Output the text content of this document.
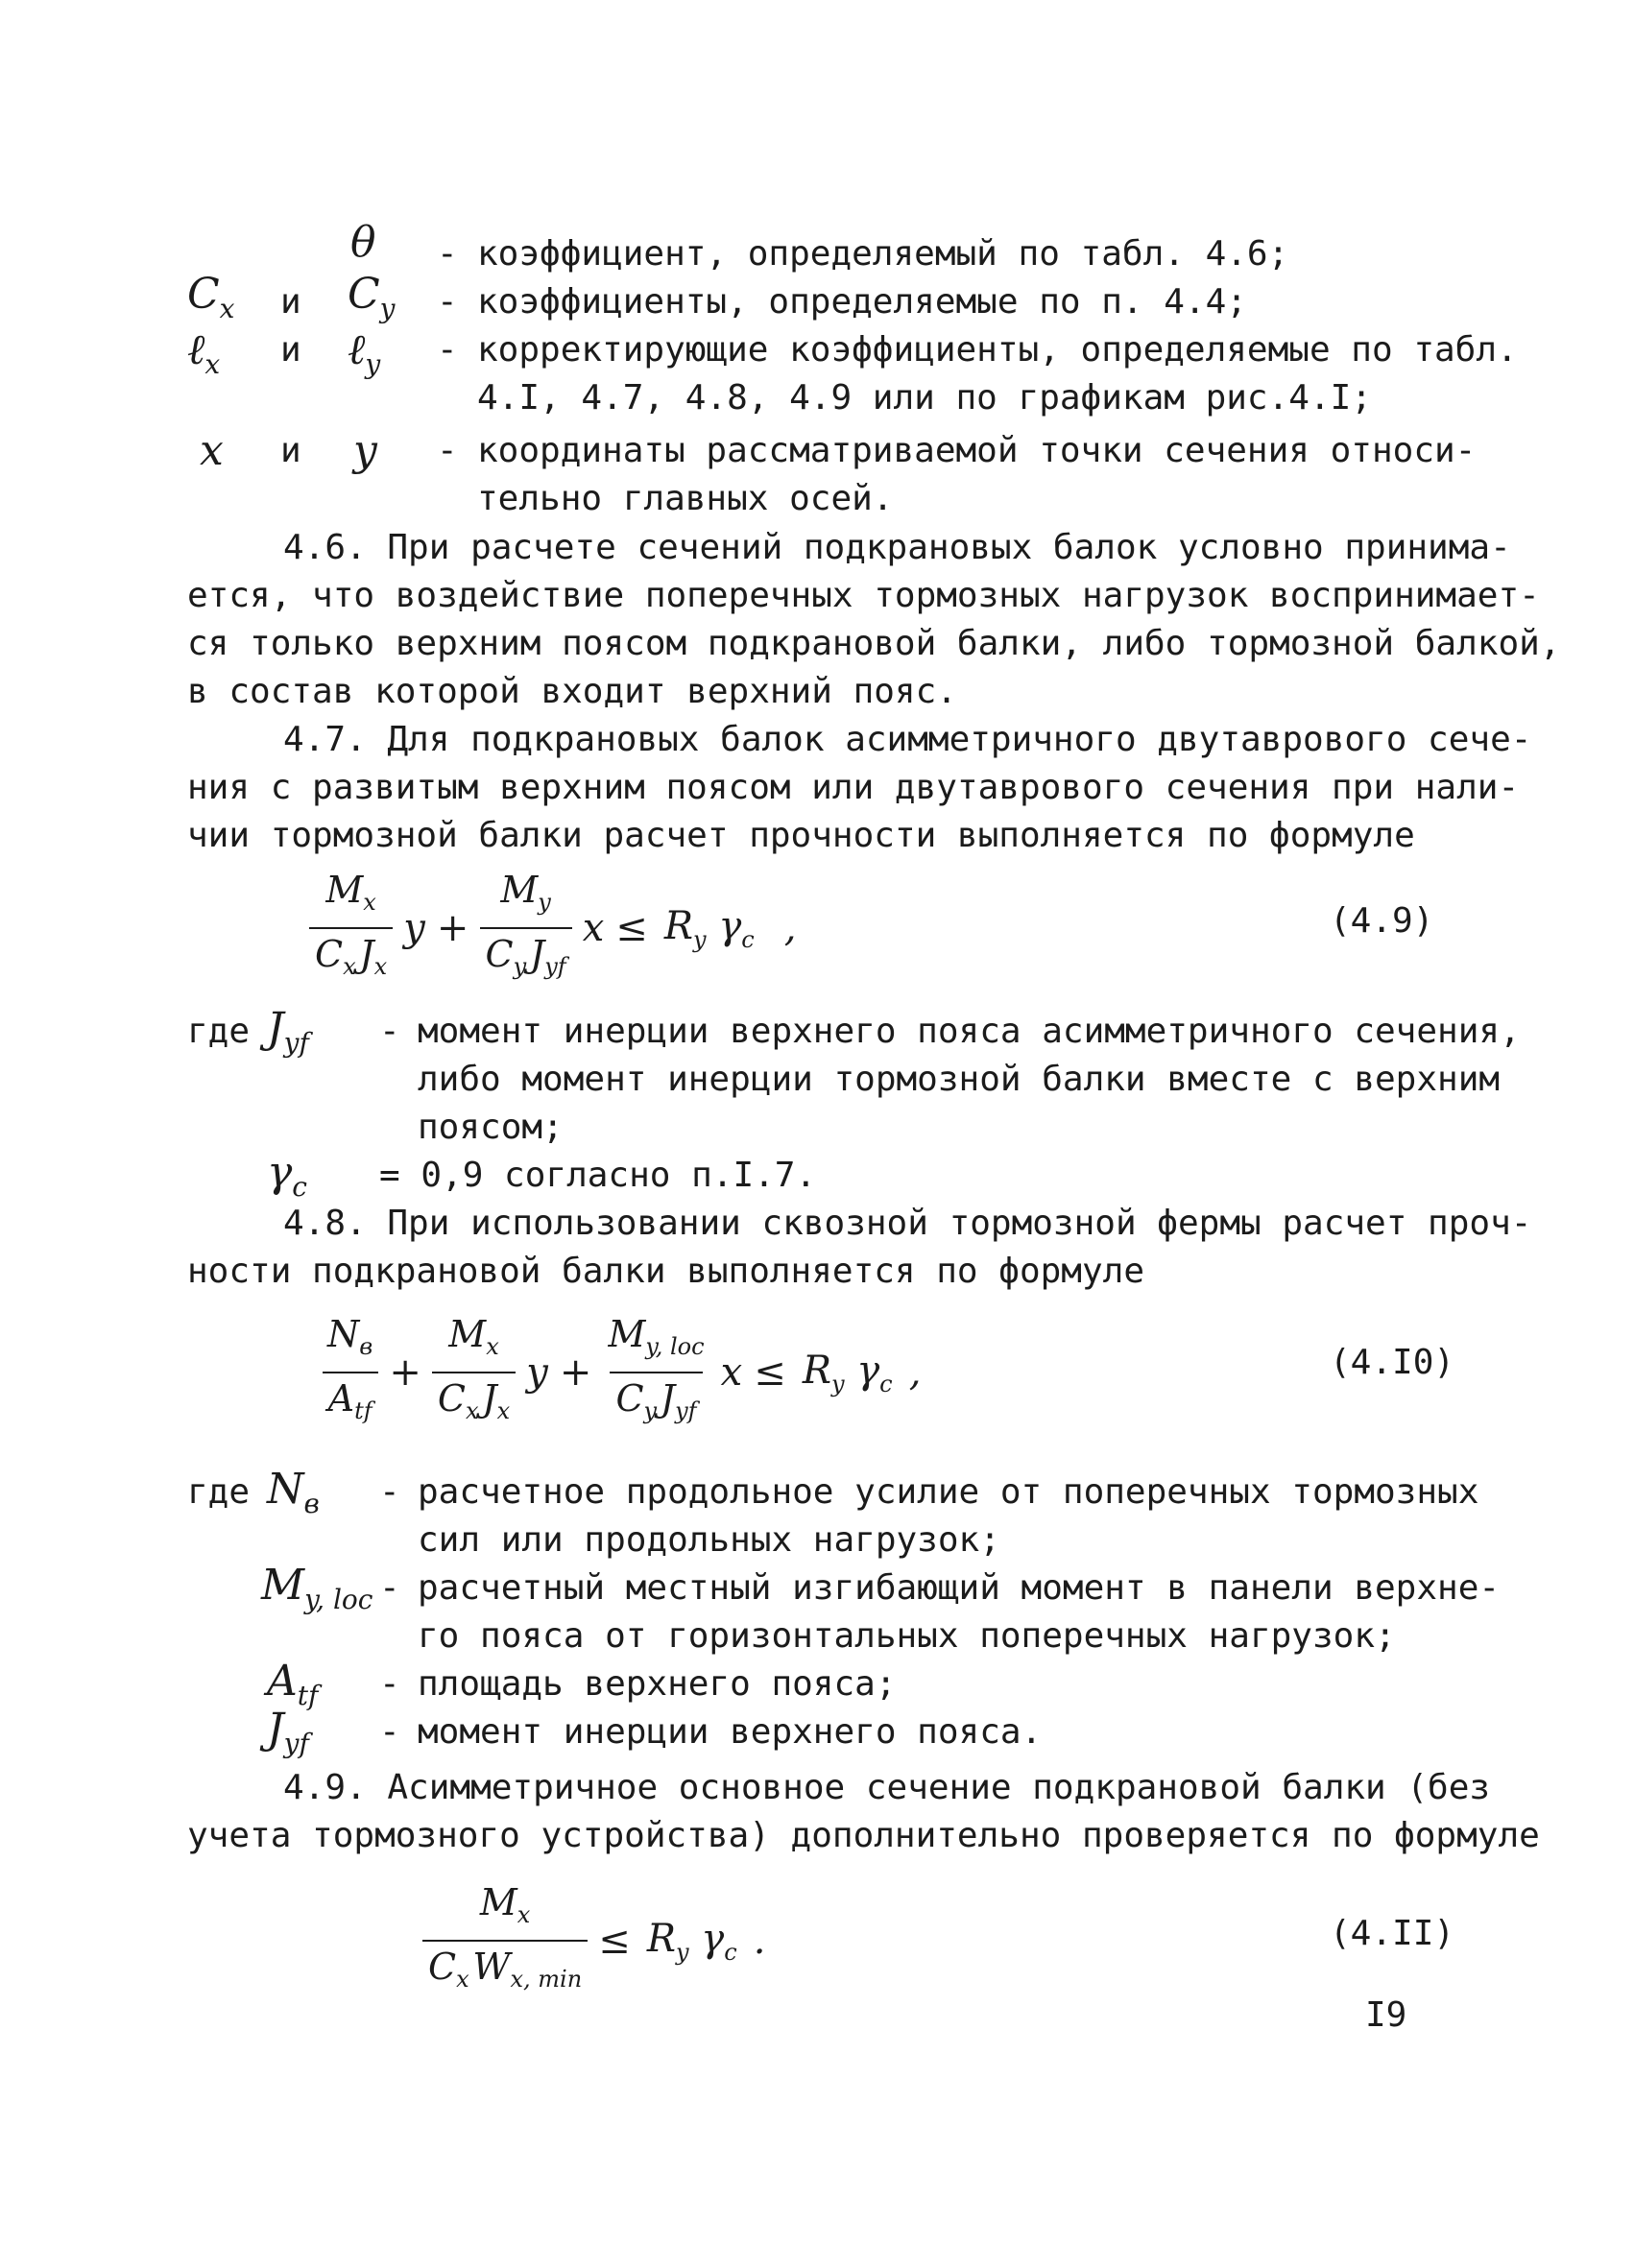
θ - коэффициент, определяемый по табл. 4.6;
$C_x$ и $C_y$ - коэффициенты, определяемые по п. 4.4;
ℓ$_x$ и ℓ$_y$ - корректирующие коэффициенты, определяемые по табл.
4.I, 4.7, 4.8, 4.9 или по графикам рис.4.I;
x и y - координаты рассматриваемой точки сечения относи-
тельно главных осей.
4.6. При расчете сечений подкрановых балок условно принима-
ется, что воздействие поперечных тормозных нагрузок воспринимает-
ся только верхним поясом подкрановой балки, либо тормозной балкой,
в состав которой входит верхний пояс.
4.7. Для подкрановых балок асимметричного двутаврового сече-
ния с развитым верхним поясом или двутаврового сечения при нали-
чии тормозной балки расчет прочности выполняется по формуле
$\frac{M_x}{C_x J_x}$ $y + \frac{M_y}{C_y J_{yf}}$ $x \le R_y$ $\gamma_c$ ,	(4.9)
где $J_{yf}$ - момент инерции верхнего пояса асимметричного сечения,
либо момент инерции тормозной балки вместе с верхним
поясом;
$\gamma_c = 0,9$ согласно п.I.7.
4.8. При использовании сквозной тормозной фермы расчет проч-
ности подкрановой балки выполняется по формуле
$\frac{N_в}{A_{tf}} + \frac{M_x}{C_x J_x}$ $y + \frac{M_{y, loc}}{C_y J_{yf}}$ $x \le R_y$ $\gamma_c$ ,	(4.I0)
где $N_в$ - расчетное продольное усилие от поперечных тормозных
сил или продольных нагрузок;
$M_{y, loc}$ - расчетный местный изгибающий момент в панели верхне-
го пояса от горизонтальных поперечных нагрузок;
$A_{tf}$ - площадь верхнего пояса;
$J_{yf}$ - момент инерции верхнего пояса.
4.9. Асимметричное основное сечение подкрановой балки (без
учета тормозного устройства) дополнительно проверяется по формуле
$\frac{M_x}{C_x W_{x, min}} \le R_y$ $\gamma_c$ .	(4.II)
I9
